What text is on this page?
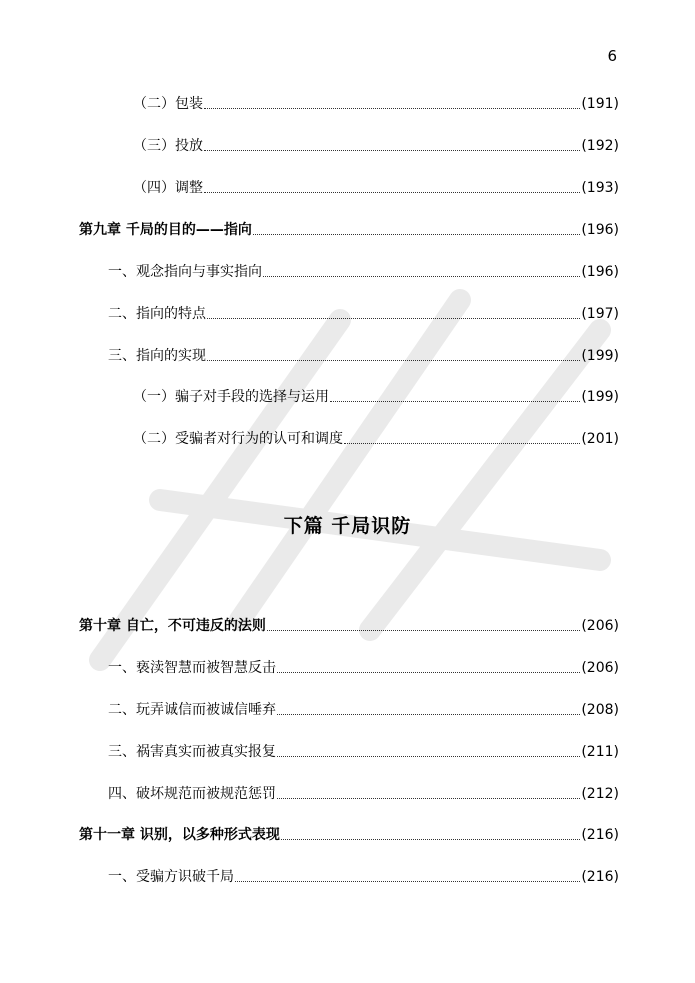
6
（二）包装	(191)
（三）投放	(192)
（四）调整	(193)
第九章 千局的目的——指向	(196)
一、观念指向与事实指向	(196)
二、指向的特点	(197)
三、指向的实现	(199)
（一）骗子对手段的选择与运用	(199)
（二）受骗者对行为的认可和调度	(201)
下篇 千局识防
第十章 自亡，不可违反的法则	(206)
一、亵渎智慧而被智慧反击	(206)
二、玩弄诚信而被诚信唾弃	(208)
三、祸害真实而被真实报复	(211)
四、破坏规范而被规范惩罚	(212)
第十一章 识别，以多种形式表现	(216)
一、受骗方识破千局	(216)
